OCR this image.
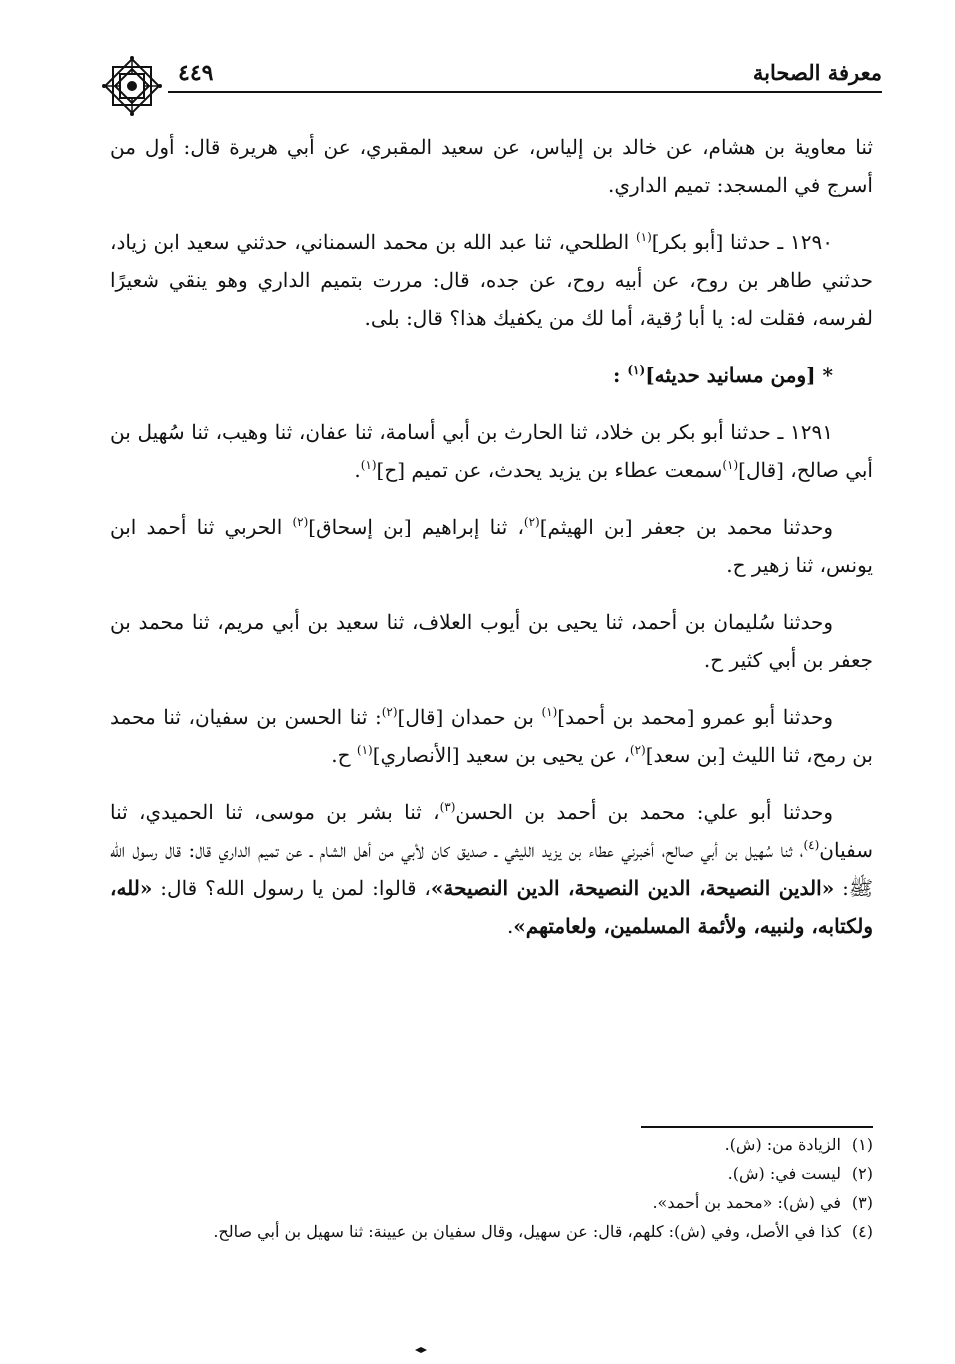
معرفة الصحابة
٤٤٩

ثنا معاوية بن هشام، عن خالد بن إلياس، عن سعيد المقبري، عن أبي هريرة قال: أول من أسرج في المسجد: تميم الداري.

١٢٩٠ ـ حدثنا [أبو بكر]$^{(١)}$ الطلحي، ثنا عبد الله بن محمد السمناني، حدثني سعيد ابن زياد، حدثني طاهر بن روح، عن أبيه روح، عن جده، قال: مررت بتميم الداري وهو ينقي شعيرًا لفرسه، فقلت له: يا أبا رُقية، أما لك من يكفيك هذا؟ قال: بلى.

* [ومن مسانيد حديثه]$^{(١)}$ :

١٢٩١ ـ حدثنا أبو بكر بن خلاد، ثنا الحارث بن أبي أسامة، ثنا عفان، ثنا وهيب، ثنا سُهيل بن أبي صالح، [قال]$^{(١)}$سمعت عطاء بن يزيد يحدث، عن تميم [ح]$^{(١)}$.

وحدثنا محمد بن جعفر [بن الهيثم]$^{(٢)}$، ثنا إبراهيم [بن إسحاق]$^{(٢)}$ الحربي ثنا أحمد ابن يونس، ثنا زهير ح.

وحدثنا سُليمان بن أحمد، ثنا يحيى بن أيوب العلاف، ثنا سعيد بن أبي مريم، ثنا محمد بن جعفر بن أبي كثير ح.

وحدثنا أبو عمرو [محمد بن أحمد]$^{(١)}$ بن حمدان [قال]$^{(٢)}$: ثنا الحسن بن سفيان، ثنا محمد بن رمح، ثنا الليث [بن سعد]$^{(٢)}$، عن يحيى بن سعيد [الأنصاري]$^{(١)}$ ح.

وحدثنا أبو علي: محمد بن أحمد بن الحسن$^{(٣)}$، ثنا بشر بن موسى، ثنا الحميدي، ثنا سفيان$^{(٤)}$، ثنا سُهيل بن أبي صالح، أخبرني عطاء بن يزيد الليثي ـ صديق كان لأبي من أهل الشام ـ عن تميم الداري قال: قال رسول الله ﷺ: «الدين النصيحة، الدين النصيحة، الدين النصيحة»، قالوا: لمن يا رسول الله؟ قال: «لله، ولكتابه، ولنبيه، ولأئمة المسلمين، ولعامتهم».

(١)
الزيادة من: (ش).
(٢)
ليست في: (ش).
(٣)
في (ش): «محمد بن أحمد».
(٤)
كذا في الأصل، وفي (ش): كلهم، قال: عن سهيل، وقال سفيان بن عيينة: ثنا سهيل بن أبي صالح.
